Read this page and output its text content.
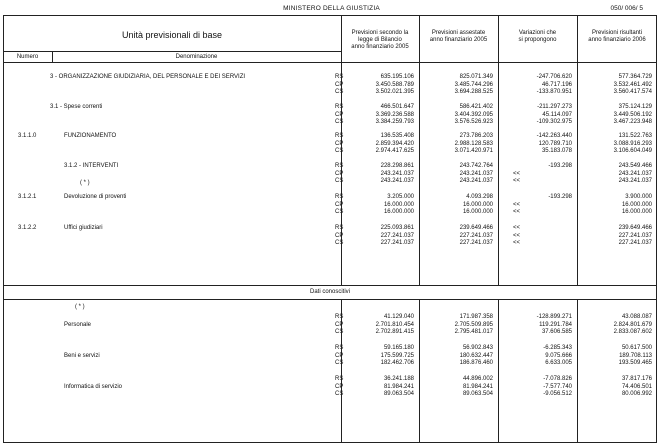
MINISTERO DELLA GIUSTIZIA	050/ 006/ 5
Unità previsionali di base
Numero	Denominazione
Previsioni secondo la
legge di Bilancio
anno finanziario 2005
Previsioni assestate
anno finanziario 2005
Variazioni che
si propongono
Previsioni risultanti
anno finanziario 2006
3 - ORGANIZZAZIONE GIUDIZIARIA, DEL PERSONALE E DEI SERVIZI	RS	635.195.106	825.071.349	-247.706.620	577.364.729
CP	3.450.588.789	3.485.744.296	46.717.196	3.532.461.492
CS	3.502.021.395	3.694.288.525	-133.870.951	3.560.417.574
3.1 - Spese correnti	RS	466.501.647	586.421.402	-211.297.273	375.124.129
CP	3.369.236.588	3.404.392.095	45.114.097	3.449.506.192
CS	3.384.259.793	3.576.526.923	-109.302.975	3.467.223.948
3.1.1.0	FUNZIONAMENTO	RS	136.535.408	273.786.203	-142.263.440	131.522.763
CP	2.859.394.420	2.988.128.583	120.789.710	3.088.916.293
CS	2.974.417.625	3.071.420.971	35.183.078	3.106.604.049
3.1.2 - INTERVENTI	RS	228.298.861	243.742.764	-193.298	243.549.466
CP	243.241.037	243.241.037	<<	243.241.037
CS	243.241.037	243.241.037	<<	243.241.037
3.1.2.1	Devoluzione di proventi	RS	3.205.000	4.093.298	-193.298	3.900.000
CP	16.000.000	16.000.000	<<	16.000.000
CS	16.000.000	16.000.000	<<	16.000.000
3.1.2.2	Uffici giudiziari	RS	225.093.861	239.649.466	<<	239.649.466
CP	227.241.037	227.241.037	<<	227.241.037
CS	227.241.037	227.241.037	<<	227.241.037
Personale
RS	41.129.040	171.987.358	-128.899.271	43.088.087
CP	2.701.810.454	2.705.509.895	119.291.784	2.824.801.679
CS	2.702.891.415	2.795.481.017	37.606.585	2.833.087.602
Beni e servizi
RS	59.165.180	56.902.843	-6.285.343	50.617.500
CP	175.599.725	180.632.447	9.075.666	189.708.113
CS	182.462.706	186.876.460	6.633.005	193.509.465
Informatica di servizio
RS	36.241.188	44.896.002	-7.078.826	37.817.176
CP	81.984.241	81.984.241	-7.577.740	74.406.501
CS	89.063.504	89.063.504	-9.056.512	80.006.992
( * )
Dati conoscitivi
( * )
